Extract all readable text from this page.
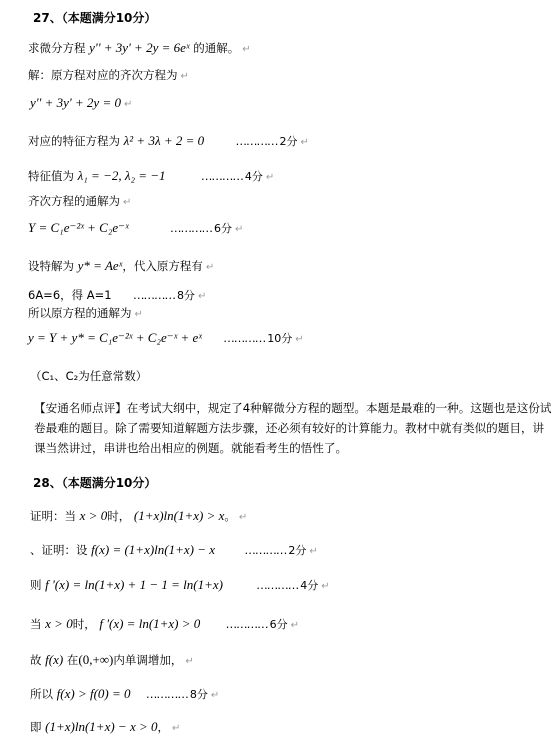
27、（本题满分10分）
求微分方程 y'' + 3y' + 2y = 6eˣ 的通解。 ↵
解：原方程对应的齐次方程为 ↵
y'' + 3y' + 2y = 0 ↵
对应的特征方程为 λ² + 3λ + 2 = 0	………… 2分 ↵
特征值为 λ₁ = −2, λ₂ = −1	………… 4分 ↵
齐次方程的通解为 ↵
Y = C₁e⁻²ˣ + C₂e⁻ˣ	………… 6分 ↵
设特解为 y* = Aeˣ，代入原方程有 ↵
6A=6，得 A=1 ………… 8分 ↵
所以原方程的通解为 ↵
y = Y + y* = C₁e⁻²ˣ + C₂e⁻ˣ + eˣ ………… 10分 ↵
（C₁、C₂为任意常数）
【安通名师点评】在考试大纲中，规定了4种解微分方程的题型。本题是最难的一种。这题也是这份试卷最难的题目。除了需要知道解题方法步骤，还必须有较好的计算能力。教材中就有类似的题目，讲课当然讲过，串讲也给出相应的例题。就能看考生的悟性了。
28、（本题满分10分）
证明：当 x > 0时， (1+x)ln(1+x) > x。 ↵
、证明：设 f(x) = (1+x)ln(1+x) − x	………… 2分 ↵
则 f '(x) = ln(1+x) + 1 − 1 = ln(1+x)	………… 4分 ↵
当 x > 0时， f '(x) = ln(1+x) > 0 ………… 6分 ↵
故 f(x) 在(0,+∞)内单调增加， ↵
所以 f(x) > f(0) = 0 ………… 8分 ↵
即 (1+x)ln(1+x) − x > 0， ↵
